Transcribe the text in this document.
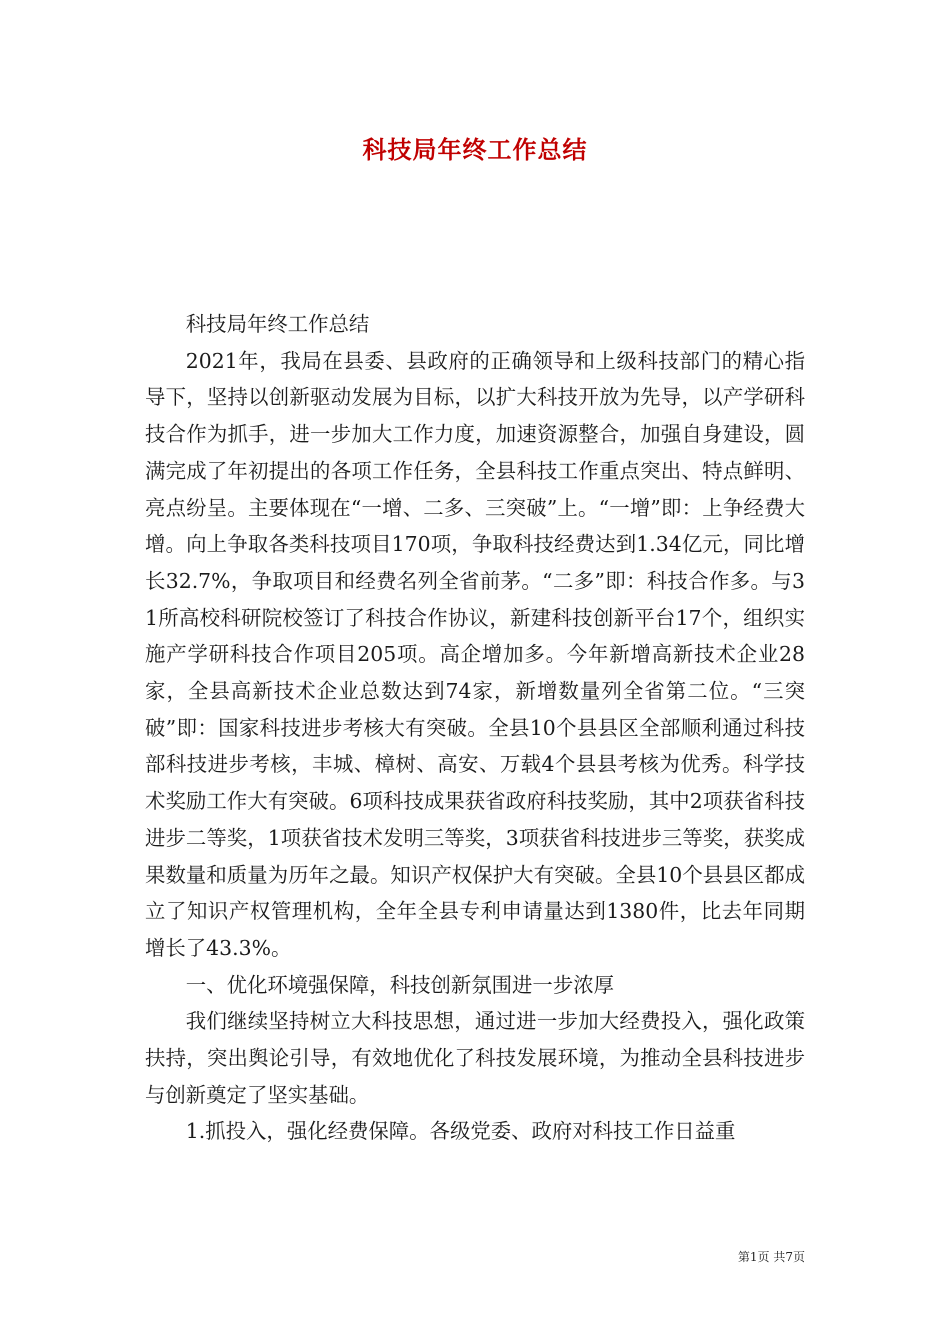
科技局年终工作总结

科技局年终工作总结

2021年，我局在县委、县政府的正确领导和上级科技部门的精心指导下，坚持以创新驱动发展为目标，以扩大科技开放为先导，以产学研科技合作为抓手，进一步加大工作力度，加速资源整合，加强自身建设，圆满完成了年初提出的各项工作任务，全县科技工作重点突出、特点鲜明、亮点纷呈。主要体现在“一增、二多、三突破”上。“一增”即：上争经费大增。向上争取各类科技项目170项，争取科技经费达到1.34亿元，同比增长32.7%，争取项目和经费名列全省前茅。“二多”即：科技合作多。与31所高校科研院校签订了科技合作协议，新建科技创新平台17个，组织实施产学研科技合作项目205项。高企增加多。今年新增高新技术企业28家，全县高新技术企业总数达到74家，新增数量列全省第二位。“三突破”即：国家科技进步考核大有突破。全县10个县县区全部顺利通过科技部科技进步考核，丰城、樟树、高安、万载4个县县考核为优秀。科学技术奖励工作大有突破。6项科技成果获省政府科技奖励，其中2项获省科技进步二等奖，1项获省技术发明三等奖，3项获省科技进步三等奖，获奖成果数量和质量为历年之最。知识产权保护大有突破。全县10个县县区都成立了知识产权管理机构，全年全县专利申请量达到1380件，比去年同期增长了43.3%。

一、优化环境强保障，科技创新氛围进一步浓厚

我们继续坚持树立大科技思想，通过进一步加大经费投入，强化政策扶持，突出舆论引导，有效地优化了科技发展环境，为推动全县科技进步与创新奠定了坚实基础。

1.抓投入，强化经费保障。各级党委、政府对科技工作日益重

第1页 共7页
